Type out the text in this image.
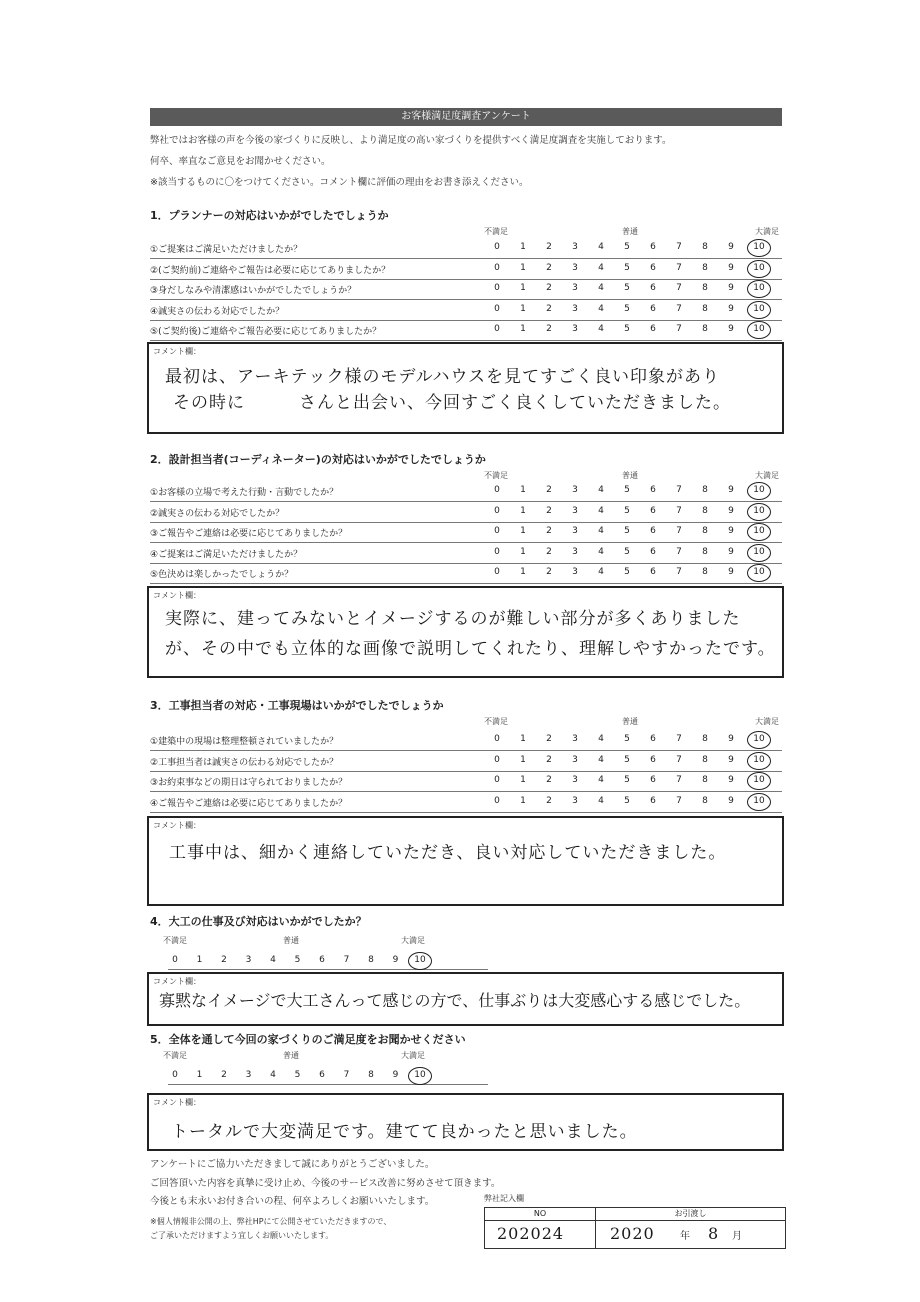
お客様満足度調査アンケート
弊社ではお客様の声を今後の家づくりに反映し、より満足度の高い家づくりを提供すべく満足度調査を実施しております。
何卒、率直なご意見をお聞かせください。
※該当するものに〇をつけてください。コメント欄に評価の理由をお書き添えください。
1．プランナーの対応はいかがでしたでしょうか
不満足	普通	大満足
①ご提案はご満足いただけましたか？	0	1	2	3	4	5	6	7	8	9	10
②(ご契約前)ご連絡やご報告は必要に応じてありましたか？	0	1	2	3	4	5	6	7	8	9	10
③身だしなみや清潔感はいかがでしたでしょうか？	0	1	2	3	4	5	6	7	8	9	10
④誠実さの伝わる対応でしたか？	0	1	2	3	4	5	6	7	8	9	10
⑤(ご契約後)ご連絡やご報告必要に応じてありましたか？	0	1	2	3	4	5	6	7	8	9	10
コメント欄：
最初は、アーキテック様のモデルハウスを見てすごく良い印象があり
その時に　　　さんと出会い、今回すごく良くしていただきました。
2．設計担当者(コーディネーター)の対応はいかがでしたでしょうか
不満足	普通	大満足
①お客様の立場で考えた行動・言動でしたか？	0	1	2	3	4	5	6	7	8	9	10
②誠実さの伝わる対応でしたか？	0	1	2	3	4	5	6	7	8	9	10
③ご報告やご連絡は必要に応じてありましたか？	0	1	2	3	4	5	6	7	8	9	10
④ご提案はご満足いただけましたか？	0	1	2	3	4	5	6	7	8	9	10
⑤色決めは楽しかったでしょうか？	0	1	2	3	4	5	6	7	8	9	10
コメント欄：
実際に、建ってみないとイメージするのが難しい部分が多くありました
が、その中でも立体的な画像で説明してくれたり、理解しやすかったです。
3．工事担当者の対応・工事現場はいかがでしたでしょうか
不満足	普通	大満足
①建築中の現場は整理整頓されていましたか？	0	1	2	3	4	5	6	7	8	9	10
②工事担当者は誠実さの伝わる対応でしたか？	0	1	2	3	4	5	6	7	8	9	10
③お約束事などの期日は守られておりましたか？	0	1	2	3	4	5	6	7	8	9	10
④ご報告やご連絡は必要に応じてありましたか？	0	1	2	3	4	5	6	7	8	9	10
コメント欄：
工事中は、細かく連絡していただき、良い対応していただきました。
4．大工の仕事及び対応はいかがでしたか？
不満足	普通	大満足
0	1	2	3	4	5	6	7	8	9	10
コメント欄：
寡黙なイメージで大工さんって感じの方で、仕事ぶりは大変感心する感じでした。
5．全体を通して今回の家づくりのご満足度をお聞かせください
不満足	普通	大満足
0	1	2	3	4	5	6	7	8	9	10
コメント欄：
トータルで大変満足です。建てて良かったと思いました。
アンケートにご協力いただきまして誠にありがとうございました。
ご回答頂いた内容を真摯に受け止め、今後のサービス改善に努めさせて頂きます。
今後とも末永いお付き合いの程、何卒よろしくお願いいたします。
※個人情報非公開の上、弊社HPにて公開させていただきますので、
ご了承いただけますよう宜しくお願いいたします。
弊社記入欄
NO	お引渡し
202024	2020	年 8 月
